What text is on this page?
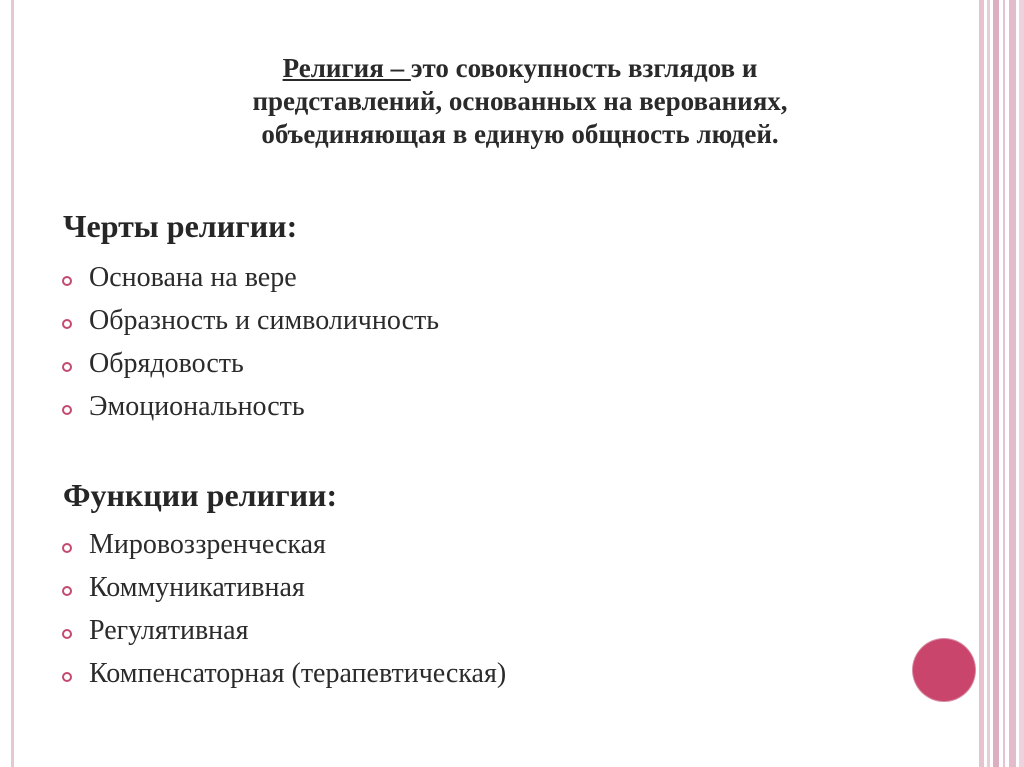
Религия – это совокупность взглядов и
представлений, основанных на верованиях,
объединяющая в единую общность людей.
Черты религии:
Основана на вере
Образность и символичность
Обрядовость
Эмоциональность
Функции религии:
Мировоззренческая
Коммуникативная
Регулятивная
Компенсаторная (терапевтическая)
